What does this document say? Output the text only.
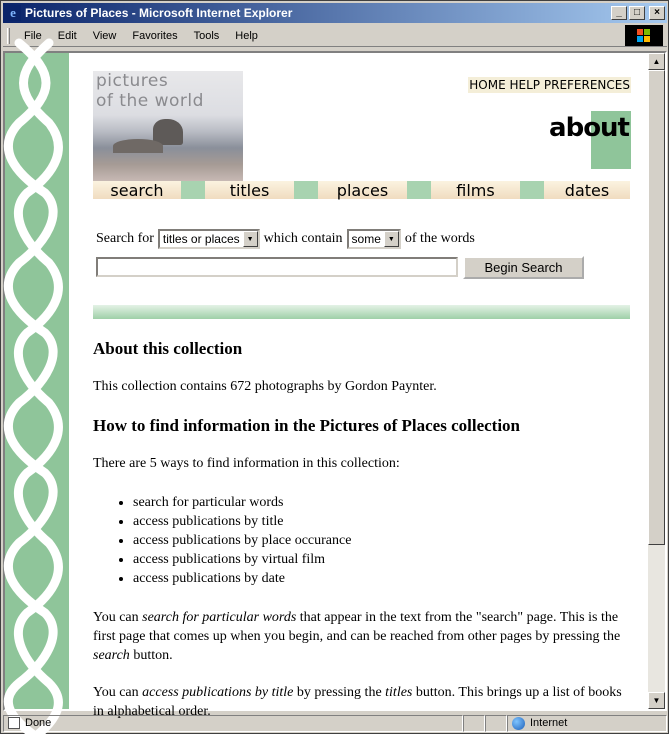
e Pictures of Places - Microsoft Internet Explorer	_	□	×
File	Edit	View	Favorites	Tools	Help
pictures
of the world
HOME HELP PREFERENCES
about
search	titles	places	films	dates
Search for titles or places	▼ which contain some	▼ of the words
Begin Search
About this collection
This collection contains 672 photographs by Gordon Paynter.
How to find information in the Pictures of Places collection
There are 5 ways to find information in this collection:
• search for particular words
• access publications by title
• access publications by place occurance
• access publications by virtual film
• access publications by date
You can search for particular words that appear in the text from the "search" page. This is the first page that comes up when you begin, and can be reached from other pages by pressing the search button.
You can access publications by title by pressing the titles button. This brings up a list of books in alphabetical order.
▲
▼
Done	Internet
